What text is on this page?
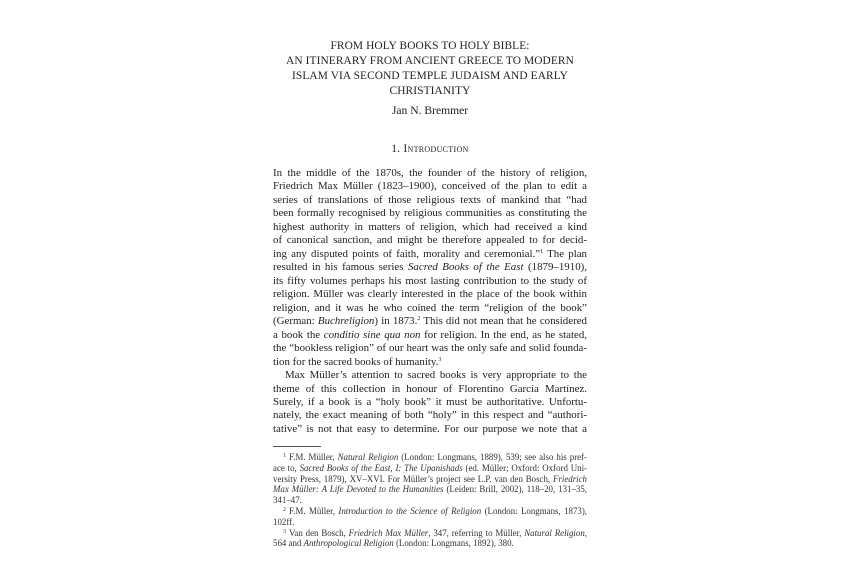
FROM HOLY BOOKS TO HOLY BIBLE:
AN ITINERARY FROM ANCIENT GREECE TO MODERN
ISLAM VIA SECOND TEMPLE JUDAISM AND EARLY
CHRISTIANITY
Jan N. Bremmer
1. Introduction
In the middle of the 1870s, the founder of the history of religion,
Friedrich Max Müller (1823–1900), conceived of the plan to edit a
series of translations of those religious texts of mankind that “had
been formally recognised by religious communities as constituting the
highest authority in matters of religion, which had received a kind
of canonical sanction, and might be therefore appealed to for decid-
ing any disputed points of faith, morality and ceremonial.”$^1$ The plan
resulted in his famous series Sacred Books of the East (1879–1910),
its fifty volumes perhaps his most lasting contribution to the study of
religion. Müller was clearly interested in the place of the book within
religion, and it was he who coined the term “religion of the book”
(German: Buchreligion) in 1873.$^2$ This did not mean that he considered
a book the conditio sine qua non for religion. In the end, as he stated,
the “bookless religion” of our heart was the only safe and solid founda-
tion for the sacred books of humanity.$^3$
Max Müller’s attention to sacred books is very appropriate to the
theme of this collection in honour of Florentino García Martínez.
Surely, if a book is a “holy book” it must be authoritative. Unfortu-
nately, the exact meaning of both “holy” in this respect and “authori-
tative” is not that easy to determine. For our purpose we note that a
$^1$ F.M. Müller, Natural Religion (London: Longmans, 1889), 539; see also his pref-
ace to, Sacred Books of the East, I: The Upanishads (ed. Müller; Oxford: Oxford Uni-
versity Press, 1879), XV–XVI. For Müller’s project see L.P. van den Bosch, Friedrich
Max Müller: A Life Devoted to the Humanities (Leiden: Brill, 2002), 118–20, 131–35,
341–47.
$^2$ F.M. Müller, Introduction to the Science of Religion (London: Longmans, 1873),
102ff.
$^3$ Van den Bosch, Friedrich Max Müller, 347, referring to Müller, Natural Religion,
564 and Anthropological Religion (London: Longmans, 1892), 380.
